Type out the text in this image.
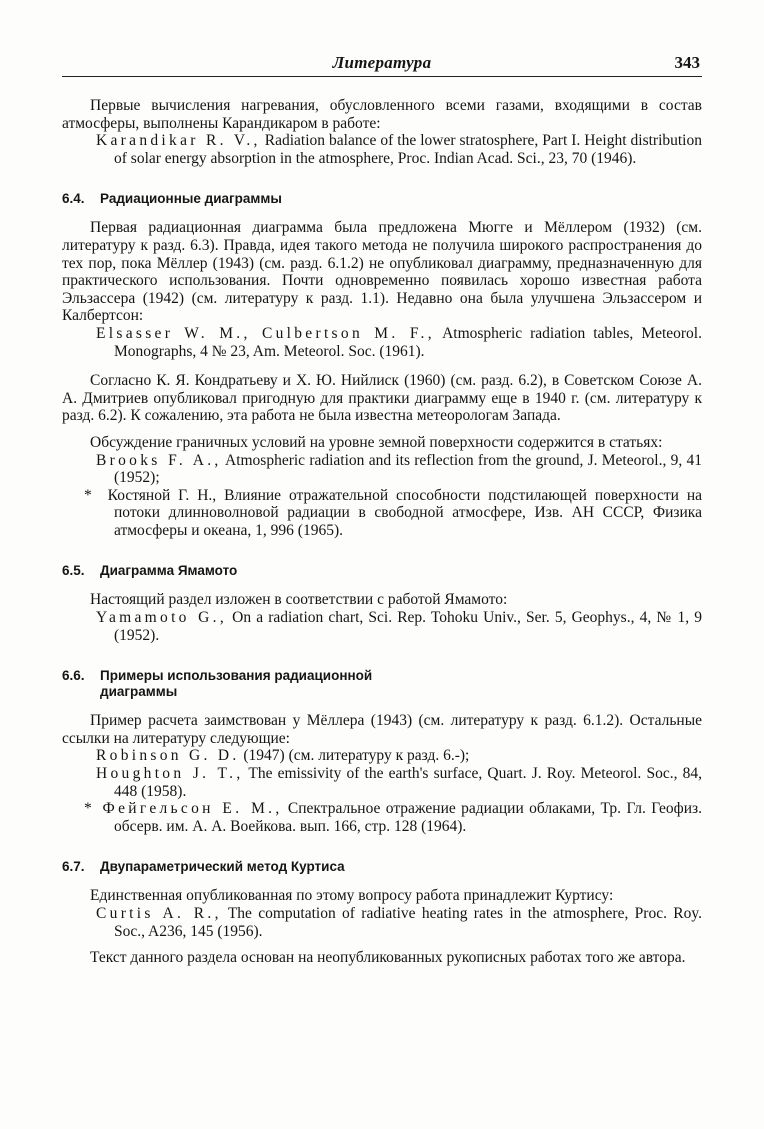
Литература	343

Первые вычисления нагревания, обусловленного всеми газами, входящими в состав атмосферы, выполнены Карандикаром в работе:

Karandikar R. V., Radiation balance of the lower stratosphere, Part I. Height distribution of solar energy absorption in the atmosphere, Proc. Indian Acad. Sci., 23, 70 (1946).

6.4. Радиационные диаграммы

Первая радиационная диаграмма была предложена Мюгге и Мёллером (1932) (см. литературу к разд. 6.3). Правда, идея такого метода не получила широкого распространения до тех пор, пока Мёллер (1943) (см. разд. 6.1.2) не опубликовал диаграмму, предназначенную для практического использования. Почти одновременно появилась хорошо известная работа Эльзассера (1942) (см. литературу к разд. 1.1). Недавно она была улучшена Эльзассером и Калбертсон:

Elsasser W. M., Culbertson M. F., Atmospheric radiation tables, Meteorol. Monographs, 4 № 23, Am. Meteorol. Soc. (1961).

Согласно К. Я. Кондратьеву и Х. Ю. Нийлиск (1960) (см. разд. 6.2), в Советском Союзе А. А. Дмитриев опубликовал пригодную для практики диаграмму еще в 1940 г. (см. литературу к разд. 6.2). К сожалению, эта работа не была известна метеорологам Запада.

Обсуждение граничных условий на уровне земной поверхности содержится в статьях:

Brooks F. A., Atmospheric radiation and its reflection from the ground, J. Meteorol., 9, 41 (1952);

*  Костяной Г. Н., Влияние отражательной способности подстилающей поверхности на потоки длинноволновой радиации в свободной атмосфере, Изв. АН СССР, Физика атмосферы и океана, 1, 996 (1965).

6.5. Диаграмма Ямамото

Настоящий раздел изложен в соответствии с работой Ямамото:

Yamamoto G., On a radiation chart, Sci. Rep. Tohoku Univ., Ser. 5, Geophys., 4, № 1, 9 (1952).

6.6. Примеры использования радиационной
диаграммы

Пример расчета заимствован у Мёллера (1943) (см. литературу к разд. 6.1.2). Остальные ссылки на литературу следующие:

Robinson G. D. (1947) (см. литературу к разд. 6.-);

Houghton J. T., The emissivity of the earth's surface, Quart. J. Roy. Meteorol. Soc., 84, 448 (1958).

*  Фейгельсон Е. М., Спектральное отражение радиации облаками, Тр. Гл. Геофиз. обсерв. им. А. А. Воейкова. вып. 166, стр. 128 (1964).

6.7. Двупараметрический метод Куртиса

Единственная опубликованная по этому вопросу работа принадлежит Куртису:

Curtis A. R., The computation of radiative heating rates in the atmosphere, Proc. Roy. Soc., A236, 145 (1956).

Текст данного раздела основан на неопубликованных рукописных работах того же автора.
